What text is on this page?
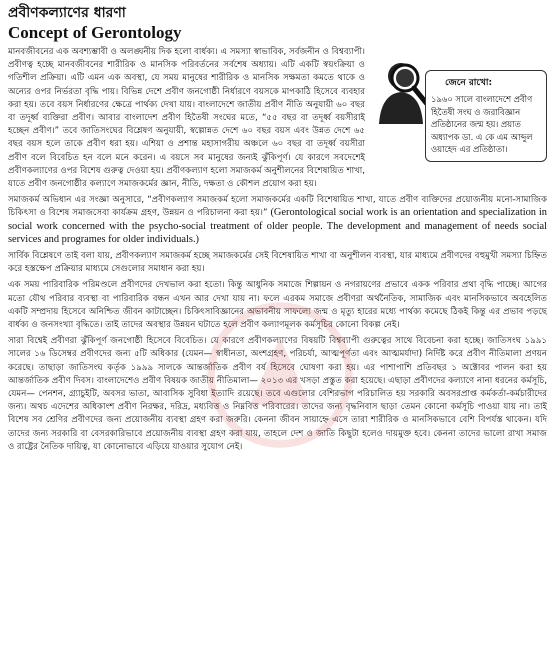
প্রবীণকল্যাণের ধারণা
Concept of Gerontology
জেনে রাখো:

১৯৬০ সালে বাংলাদেশে প্রবীণ হিতৈষী সংঘ ও জরাবিজ্ঞান প্রতিষ্ঠানের জন্ম হয়। প্রয়াত অধ্যাপক ডা. এ কে এম আব্দুল ওয়াহেদ এর প্রতিষ্ঠাতা।

মানবজীবনের এক অবশ্যম্ভাবী ও অলঙ্ঘনীয় দিক হলো বার্ধক্য। এ সমস্যা স্বাভাবিক, সর্বজনীন ও বিশ্বব্যাপী। প্রবীণত্ব হচ্ছে মানবজীবনের শারীরিক ও মানসিক পরিবর্তনের সর্বশেষ অধ্যায়। এটি একটি স্বয়ংক্রিয়া ও গতিশীল প্রক্রিয়া। এটি এমন এক অবস্থা, যে সময় মানুষের শারীরিক ও মানসিক সক্ষমতা কমতে থাকে ও অন্যের ওপর নির্ভরতা বৃদ্ধি পায়। বিভিন্ন দেশে প্রবীণ জনগোষ্ঠী নির্ধারণে বয়সকে মাপকাঠি হিসেবে ব্যবহার করা হয়। তবে বয়স নির্ধারণের ক্ষেত্রে পার্থক্য দেখা যায়। বাংলাদেশে জাতীয় প্রবীণ নীতি অনুযায়ী ৬০ বছর বা তদূর্ধ্ব ব্যক্তিরা প্রবীণ। আবার বাংলাদেশ প্রবীণ হিতৈষী সংঘের মতে, “৫৫ বছর বা তদূর্ধ্ব বয়সীরাই হচ্ছেন প্রবীণ।” তবে জাতিসংঘের বিশ্লেষণ অনুযায়ী, স্বল্পোন্নত দেশে ৬০ বছর বয়স এবং উন্নত দেশে ৬৫ বছর বয়স হলে তাকে প্রবীণ ধরা হয়। এশিয়া ও প্রশান্ত মহাসাগরীয় অঞ্চলে ৬০ বছর বা তদূর্ধ্ব বয়সীরা প্রবীণ বলে বিবেচিত হন বলে মনে করেন। এ বয়সে সব মানুষের জন্যই ঝুঁকিপূর্ণ। যে কারণে সবদেশেই প্রবীণকল্যাণের ওপর বিশেষ গুরুত্ব দেওয়া হয়। প্রবীণকল্যাণ হলো সমাজকর্ম অনুশীলনের বিশেষায়িত শাখা, যাতে প্রবীণ জনগোষ্ঠীর কল্যাণে সমাজকর্মের জ্ঞান, নীতি, দক্ষতা ও কৌশল প্রয়োগ করা হয়।

সমাজকর্ম অভিধান এর সংজ্ঞা অনুসারে, “প্রবীণকল্যাণ সমাজকর্ম হলো সমাজকর্মের একটি বিশেষায়িত শাখা, যাতে প্রবীণ ব্যক্তিদের প্রয়োজনীয় মনো-সামাজিক চিকিৎসা ও বিশেষ সমাজসেবা কার্যক্রম গ্রহণ, উন্নয়ন ও পরিচালনা করা হয়।” (Gerontological social work is an orientation and specialization in social work concerned with the psycho-social treatment of older people. The development and management of needs social services and programes for older individuals.)

সার্বিক বিশ্লেষণে তাই বলা যায়, প্রবীণকল্যাণ সমাজকর্ম হচ্ছে সমাজকর্মের সেই বিশেষায়িত শাখা বা অনুশীলন ব্যবস্থা, যার মাধ্যমে প্রবীণদের বহুমুখী সমস্যা চিহ্নিত করে হস্তক্ষেপ প্রক্রিয়ার মাধ্যমে সেগুলোর সমাধান করা হয়।

এক সময় পারিবারিক পরিমণ্ডলে প্রবীণদের দেখভাল করা হতো। কিন্তু আধুনিক সমাজে শিল্পায়ন ও নগরায়ণের প্রভাবে একক পরিবার প্রথা বৃদ্ধি পাচ্ছে। আগের মতো যৌথ পরিবার ব্যবস্থা বা পারিবারিক বন্ধন এখন আর দেখা যায় না। ফলে এরকম সমাজে প্রবীণরা অর্থনৈতিক, সামাজিক এবং মানসিকভাবে অবহেলিত একটি সম্প্রদায় হিসেবে অনিশ্চিত জীবন কাটাচ্ছেন। চিকিৎসাবিজ্ঞানের অভাবনীয় সাফল্যে জন্ম ও মৃত্যু হারের মধ্যে পার্থক্য কমেছে ঠিকই কিন্তু এর প্রভাব পড়ছে বার্ধক্য ও জনসংখ্যা বৃদ্ধিতে। তাই তাদের অবস্থার উন্নয়ন ঘটাতে হলে প্রবীণ কল্যাণমূলক কর্মসূচির কোনো বিকল্প নেই।

সারা বিশ্বেই প্রবীণরা ঝুঁকিপূর্ণ জনগোষ্ঠী হিসেবে বিবেচিত। যে কারণে প্রবীণকল্যাণের বিষয়টি বিশ্বব্যাপী গুরুত্বের সাথে বিবেচনা করা হচ্ছে। জাতিসংঘ ১৯৯১ সালের ১৬ ডিসেম্বর প্রবীণদের জন্য ৫টি অধিকার (যেমন— স্বাধীনতা, অংশগ্রহণ, পরিচর্যা, আত্মপূর্ণতা এবং আত্মমর্যাদা) নির্দিষ্ট করে প্রবীণ নীতিমালা প্রণয়ন করেছে। তাছাড়া জাতিসংঘ কর্তৃক ১৯৯৯ সালকে আন্তর্জাতিক প্রবীণ বর্ষ হিসেবে ঘোষণা করা হয়। এর পাশাপাশি প্রতিবছর ১ অক্টোবর পালন করা হয় আন্তর্জাতিক প্রবীণ দিবস। বাংলাদেশেও প্রবীণ বিষয়ক জাতীয় নীতিমালা— ২০১৩ এর খসড়া প্রস্তুত করা হয়েছে। এছাড়া প্রবীণদের কল্যাণে নানা ধরনের কর্মসূচি, যেমন— পেনশন, গ্র্যাচুইটি, অবসর ভাতা, আবাসিক সুবিধা ইত্যাদি রয়েছে। তবে এগুলোর বেশিরভাগ পরিচালিত হয় সরকারি অবসরপ্রাপ্ত কর্মকর্তা-কর্মচারীদের জন্য। অথচ এদেশের অধিকাংশ প্রবীণ নিরক্ষর, দরিদ্র, মধ্যবিত্ত ও নিম্নবিত্ত পরিবারের। তাদের জন্য বৃদ্ধনিবাস ছাড়া তেমন কোনো কর্মসূচি পাওয়া যায় না। তাই বিশেষ সব শ্রেণির প্রবীণদের জন্য প্রয়োজনীয় ব্যবস্থা গ্রহণ করা জরুরি। কেননা জীবন সায়াহ্নে এসে তারা শারীরিক ও মানসিকভাবে বেশি বিপর্যস্ত থাকেন। যদি তাদের জন্য সরকারি বা বেসরকারিভাবে প্রয়োজনীয় ব্যবস্থা গ্রহণ করা যায়, তাহলে দেশ ও জাতি কিছুটা হলেও দায়মুক্ত হবে। কেননা তাদের ভালো রাখা সমাজ ও রাষ্ট্রের নৈতিক দায়িত্ব, যা কোনোভাবে এড়িয়ে যাওয়ার সুযোগ নেই।
